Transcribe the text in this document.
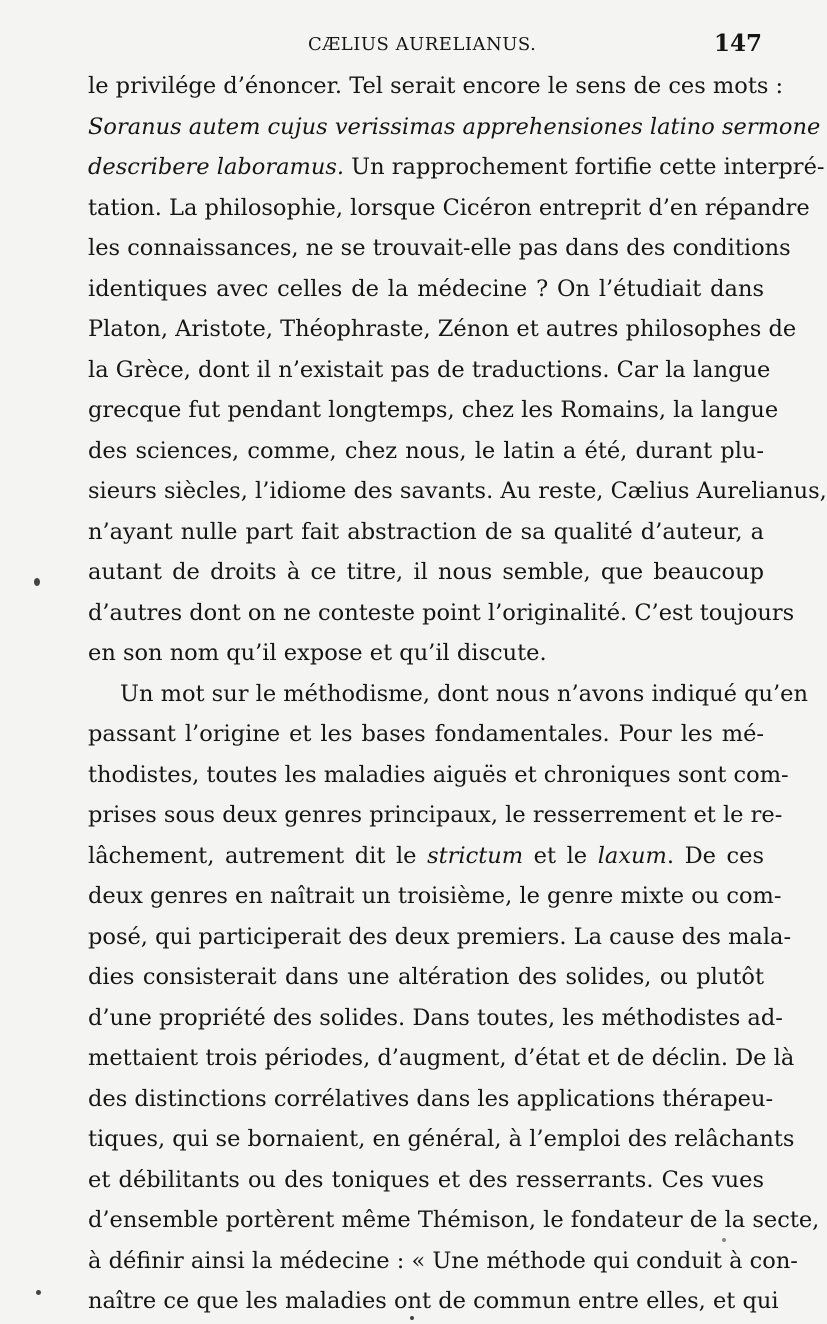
CÆLIUS AURELIANUS.	147
le privilége d’énoncer. Tel serait encore le sens de ces mots :
Soranus autem cujus verissimas apprehensiones latino sermone
describere laboramus. Un rapprochement fortifie cette interpré-
tation. La philosophie, lorsque Cicéron entreprit d’en répandre
les connaissances, ne se trouvait-elle pas dans des conditions
identiques avec celles de la médecine ? On l’étudiait dans
Platon, Aristote, Théophraste, Zénon et autres philosophes de
la Grèce, dont il n’existait pas de traductions. Car la langue
grecque fut pendant longtemps, chez les Romains, la langue
des sciences, comme, chez nous, le latin a été, durant plu-
sieurs siècles, l’idiome des savants. Au reste, Cælius Aurelianus,
n’ayant nulle part fait abstraction de sa qualité d’auteur, a
autant de droits à ce titre, il nous semble, que beaucoup
d’autres dont on ne conteste point l’originalité. C’est toujours
en son nom qu’il expose et qu’il discute.
Un mot sur le méthodisme, dont nous n’avons indiqué qu’en
passant l’origine et les bases fondamentales. Pour les mé-
thodistes, toutes les maladies aiguës et chroniques sont com-
prises sous deux genres principaux, le resserrement et le re-
lâchement, autrement dit le strictum et le laxum. De ces
deux genres en naîtrait un troisième, le genre mixte ou com-
posé, qui participerait des deux premiers. La cause des mala-
dies consisterait dans une altération des solides, ou plutôt
d’une propriété des solides. Dans toutes, les méthodistes ad-
mettaient trois périodes, d’augment, d’état et de déclin. De là
des distinctions corrélatives dans les applications thérapeu-
tiques, qui se bornaient, en général, à l’emploi des relâchants
et débilitants ou des toniques et des resserrants. Ces vues
d’ensemble portèrent même Thémison, le fondateur de la secte,
à définir ainsi la médecine : « Une méthode qui conduit à con-
naître ce que les maladies ont de commun entre elles, et qui
